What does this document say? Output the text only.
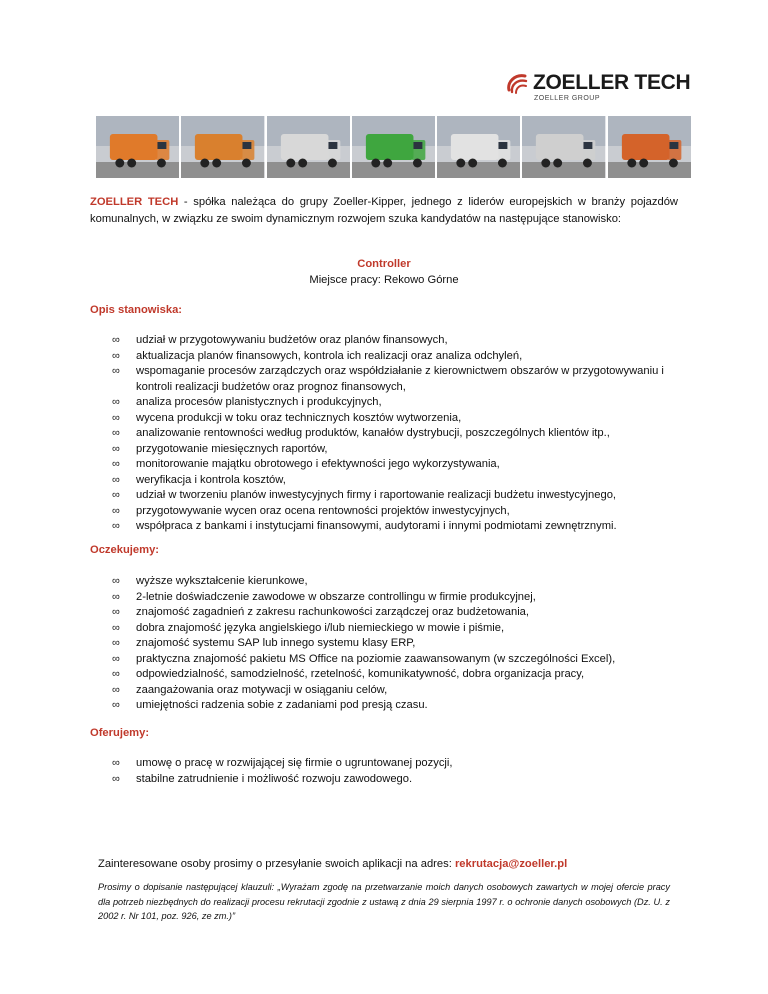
ZOELLER TECH
ZOELLER GROUP
ZOELLER TECH - spółka należąca do grupy Zoeller-Kipper, jednego z liderów europejskich w branży pojazdów komunalnych, w związku ze swoim dynamicznym rozwojem szuka kandydatów na następujące stanowisko:
Controller
Miejsce pracy: Rekowo Górne
Opis stanowiska:
∞ udział w przygotowywaniu budżetów oraz planów finansowych,
∞ aktualizacja planów finansowych, kontrola ich realizacji oraz analiza odchyleń,
∞ wspomaganie procesów zarządczych oraz współdziałanie z kierownictwem obszarów w przygotowywaniu i kontroli realizacji budżetów oraz prognoz finansowych,
∞ analiza procesów planistycznych i produkcyjnych,
∞ wycena produkcji w toku oraz technicznych kosztów wytworzenia,
∞ analizowanie rentowności według produktów, kanałów dystrybucji, poszczególnych klientów itp.,
∞ przygotowanie miesięcznych raportów,
∞ monitorowanie majątku obrotowego i efektywności jego wykorzystywania,
∞ weryfikacja i kontrola kosztów,
∞ udział w tworzeniu planów inwestycyjnych firmy i raportowanie realizacji budżetu inwestycyjnego,
∞ przygotowywanie wycen oraz ocena rentowności projektów inwestycyjnych,
∞ współpraca z bankami i instytucjami finansowymi, audytorami i innymi podmiotami zewnętrznymi.
Oczekujemy:
∞ wyższe wykształcenie kierunkowe,
∞ 2-letnie doświadczenie zawodowe w obszarze controllingu w firmie produkcyjnej,
∞ znajomość zagadnień z zakresu rachunkowości zarządczej oraz budżetowania,
∞ dobra znajomość języka angielskiego i/lub niemieckiego w mowie i piśmie,
∞ znajomość systemu SAP lub innego systemu klasy ERP,
∞ praktyczna znajomość pakietu MS Office na poziomie zaawansowanym (w szczególności Excel),
∞ odpowiedzialność, samodzielność, rzetelność, komunikatywność, dobra organizacja pracy,
∞ zaangażowania oraz motywacji w osiąganiu celów,
∞ umiejętności radzenia sobie z zadaniami pod presją czasu.
Oferujemy:
∞ umowę o pracę w rozwijającej się firmie o ugruntowanej pozycji,
∞ stabilne zatrudnienie i możliwość rozwoju zawodowego.
Zainteresowane osoby prosimy o przesyłanie swoich aplikacji na adres: rekrutacja@zoeller.pl
Prosimy o dopisanie następującej klauzuli: „Wyrażam zgodę na przetwarzanie moich danych osobowych zawartych w mojej ofercie pracy dla potrzeb niezbędnych do realizacji procesu rekrutacji zgodnie z ustawą z dnia 29 sierpnia 1997 r. o ochronie danych osobowych (Dz. U. z 2002 r. Nr 101, poz. 926, ze zm.)”
